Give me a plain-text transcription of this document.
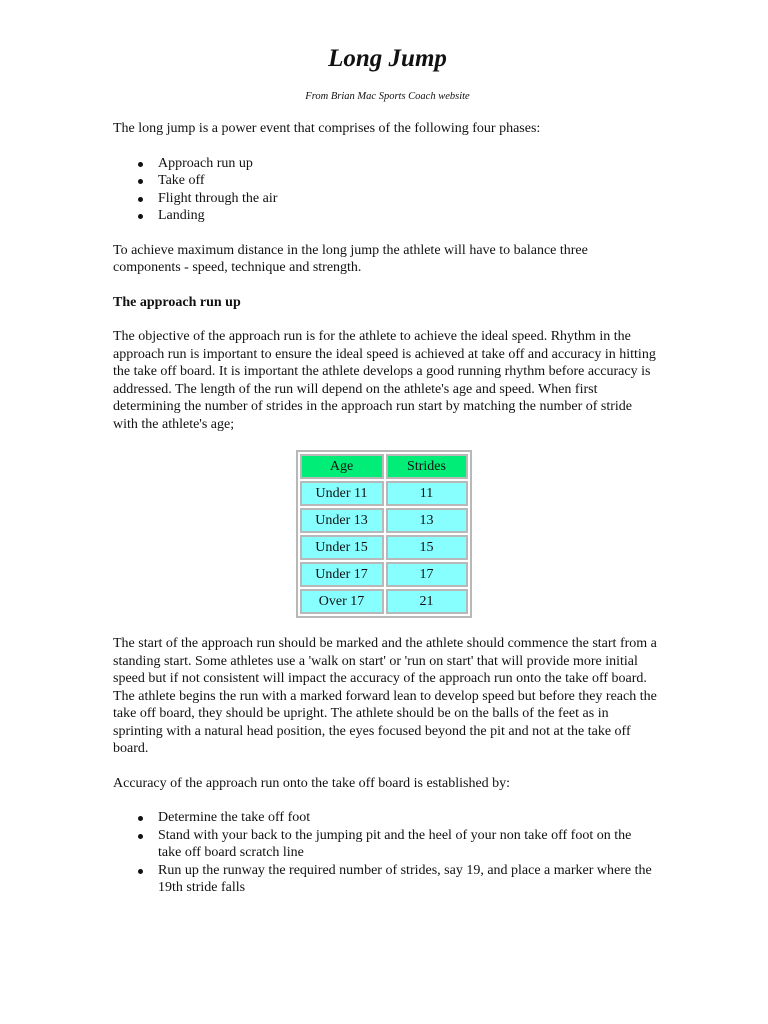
Long Jump
From Brian Mac Sports Coach website

The long jump is a power event that comprises of the following four phases:

Approach run up
Take off
Flight through the air
Landing

To achieve maximum distance in the long jump the athlete will have to balance three components - speed, technique and strength.

The approach run up

The objective of the approach run is for the athlete to achieve the ideal speed. Rhythm in the approach run is important to ensure the ideal speed is achieved at take off and accuracy in hitting the take off board. It is important the athlete develops a good running rhythm before accuracy is addressed. The length of the run will depend on the athlete's age and speed. When first determining the number of strides in the approach run start by matching the number of stride with the athlete's age;

Age	Strides
Under 11	11
Under 13	13
Under 15	15
Under 17	17
Over 17	21

The start of the approach run should be marked and the athlete should commence the start from a standing start. Some athletes use a 'walk on start' or 'run on start' that will provide more initial speed but if not consistent will impact the accuracy of the approach run onto the take off board. The athlete begins the run with a marked forward lean to develop speed but before they reach the take off board, they should be upright. The athlete should be on the balls of the feet as in sprinting with a natural head position, the eyes focused beyond the pit and not at the take off board.

Accuracy of the approach run onto the take off board is established by:

Determine the take off foot
Stand with your back to the jumping pit and the heel of your non take off foot on the take off board scratch line
Run up the runway the required number of strides, say 19, and place a marker where the 19th stride falls
